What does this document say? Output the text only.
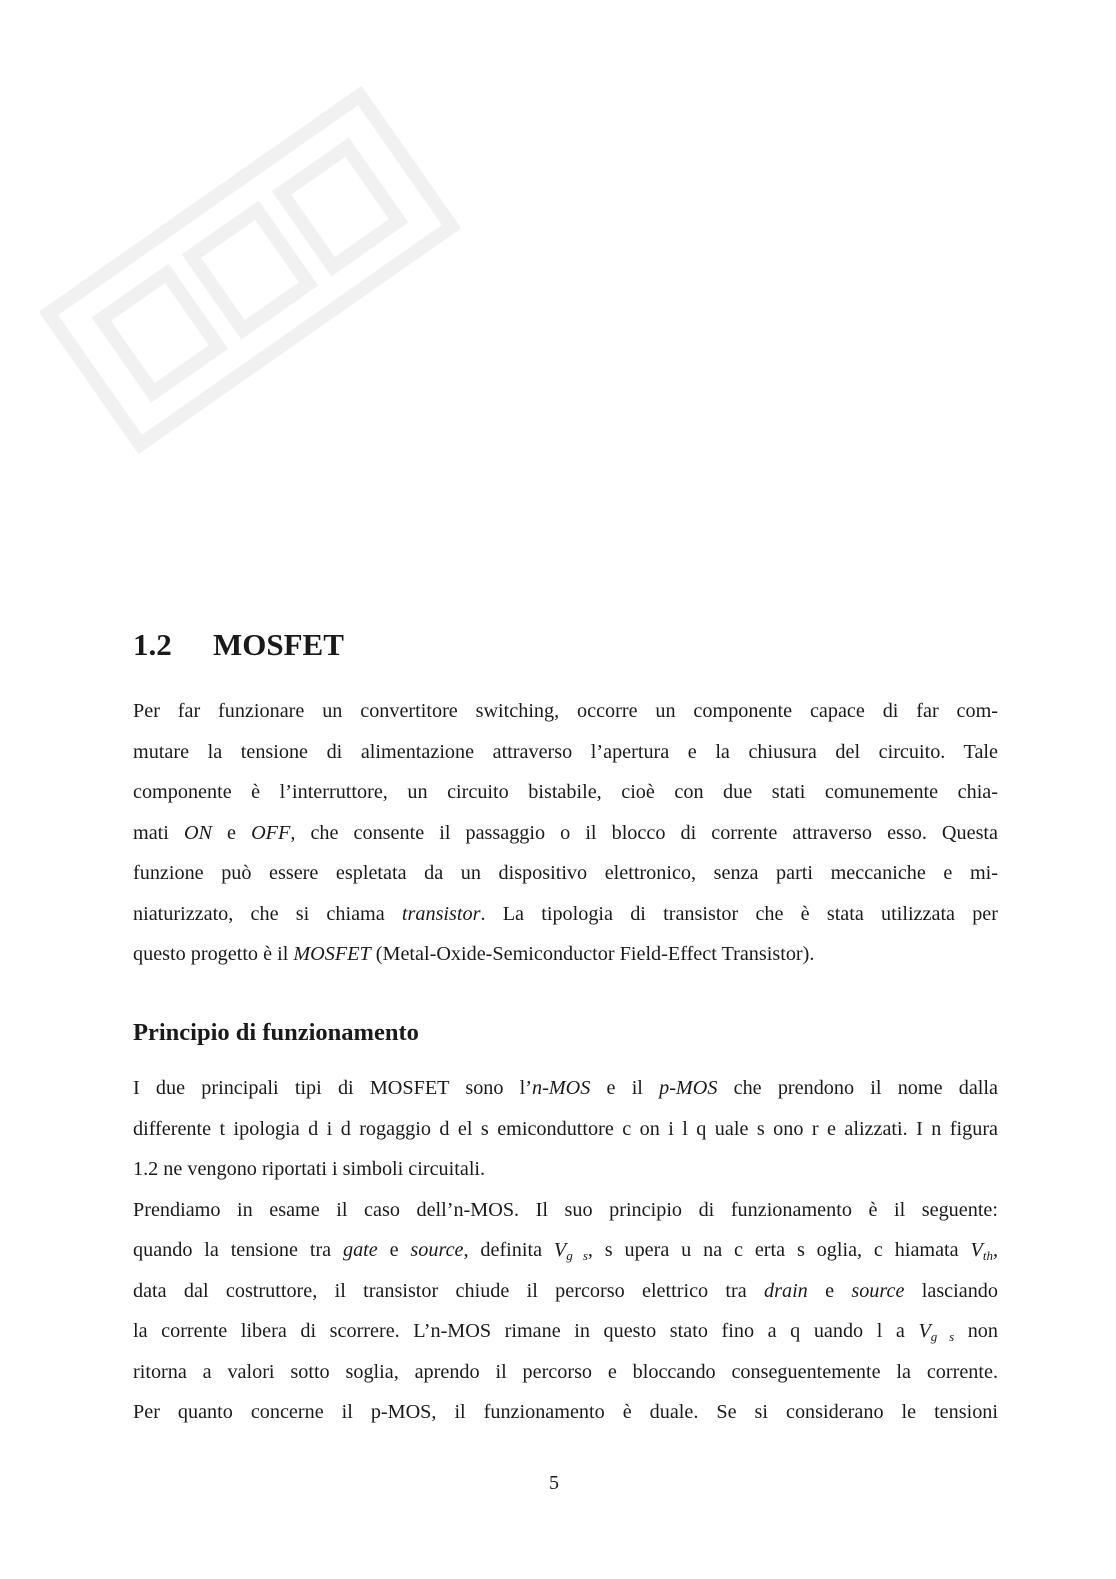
1.2 MOSFET
Per far funzionare un convertitore switching, occorre un componente capace di far com-
mutare la tensione di alimentazione attraverso l’apertura e la chiusura del circuito. Tale
componente è l’interruttore, un circuito bistabile, cioè con due stati comunemente chia-
mati ON e OFF, che consente il passaggio o il blocco di corrente attraverso esso. Questa
funzione può essere espletata da un dispositivo elettronico, senza parti meccaniche e mi-
niaturizzato, che si chiama transistor. La tipologia di transistor che è stata utilizzata per
questo progetto è il MOSFET (Metal-Oxide-Semiconductor Field-Effect Transistor).
Principio di funzionamento
I due principali tipi di MOSFET sono l’n-MOS e il p-MOS che prendono il nome dalla
differente t ipologia d i d rogaggio d el s emiconduttore c on i l q uale s ono r e alizzati. I n figura
1.2 ne vengono riportati i simboli circuitali.
Prendiamo in esame il caso dell’n-MOS. Il suo principio di funzionamento è il seguente:
quando la tensione tra gate e source, definita $V_{g s}$, s upera u na c erta s oglia, c hiamata $V_{th}$,
data dal costruttore, il transistor chiude il percorso elettrico tra drain e source lasciando
la corrente libera di scorrere. L’n-MOS rimane in questo stato fino a q uando l a $V_{g s}$ non
ritorna a valori sotto soglia, aprendo il percorso e bloccando conseguentemente la corrente.
Per quanto concerne il p-MOS, il funzionamento è duale. Se si considerano le tensioni
5
